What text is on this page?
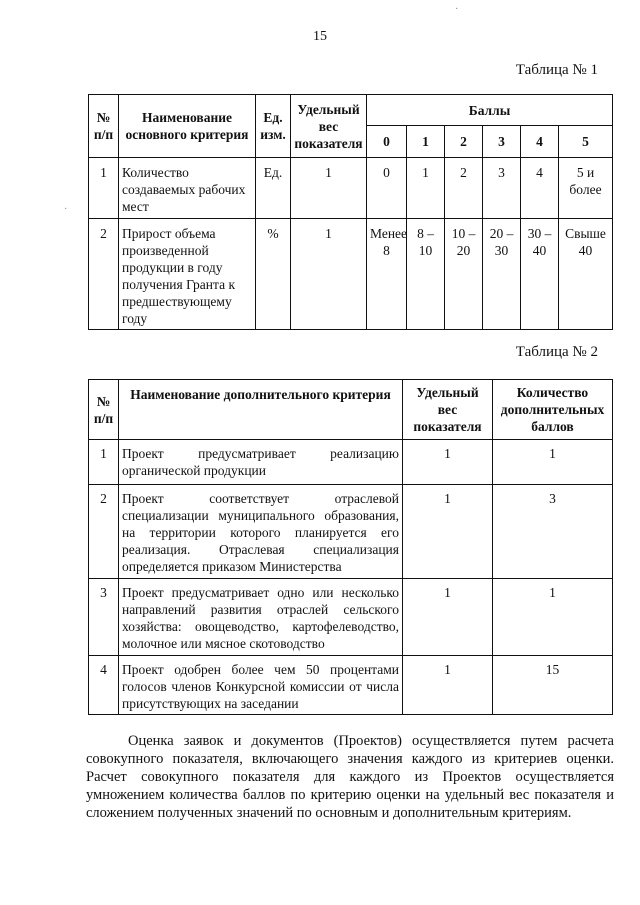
15
Таблица № 1
№ п/п	Наименование основного критерия	Ед. изм.	Удельный вес показателя	Баллы					
				0	1	2	3	4	5
1	Количество создаваемых рабочих мест	Ед.	1	0	1	2	3	4	5 и более
2	Прирост объема произведенной продукции в году получения Гранта к предшествующему году	%	1	Менее 8	8 – 10	10 – 20	20 – 30	30 – 40	Свыше 40
Таблица № 2
№ п/п	Наименование дополнительного критерия	Удельный вес показателя	Количество дополнительных баллов
1	Проект предусматривает реализацию органической продукции	1	1
2	Проект соответствует отраслевой специализации муниципального образования, на территории которого планируется его реализация. Отраслевая специализация определяется приказом Министерства	1	3
3	Проект предусматривает одно или несколько направлений развития отраслей сельского хозяйства: овощеводство, картофелеводство, молочное или мясное скотоводство	1	1
4	Проект одобрен более чем 50 процентами голосов членов Конкурсной комиссии от числа присутствующих на заседании	1	15

Оценка заявок и документов (Проектов) осуществляется путем расчета совокупного показателя, включающего значения каждого из критериев оценки. Расчет совокупного показателя для каждого из Проектов осуществляется умножением количества баллов по критерию оценки на удельный вес показателя и сложением полученных значений по основным и дополнительным критериям.

·
·
